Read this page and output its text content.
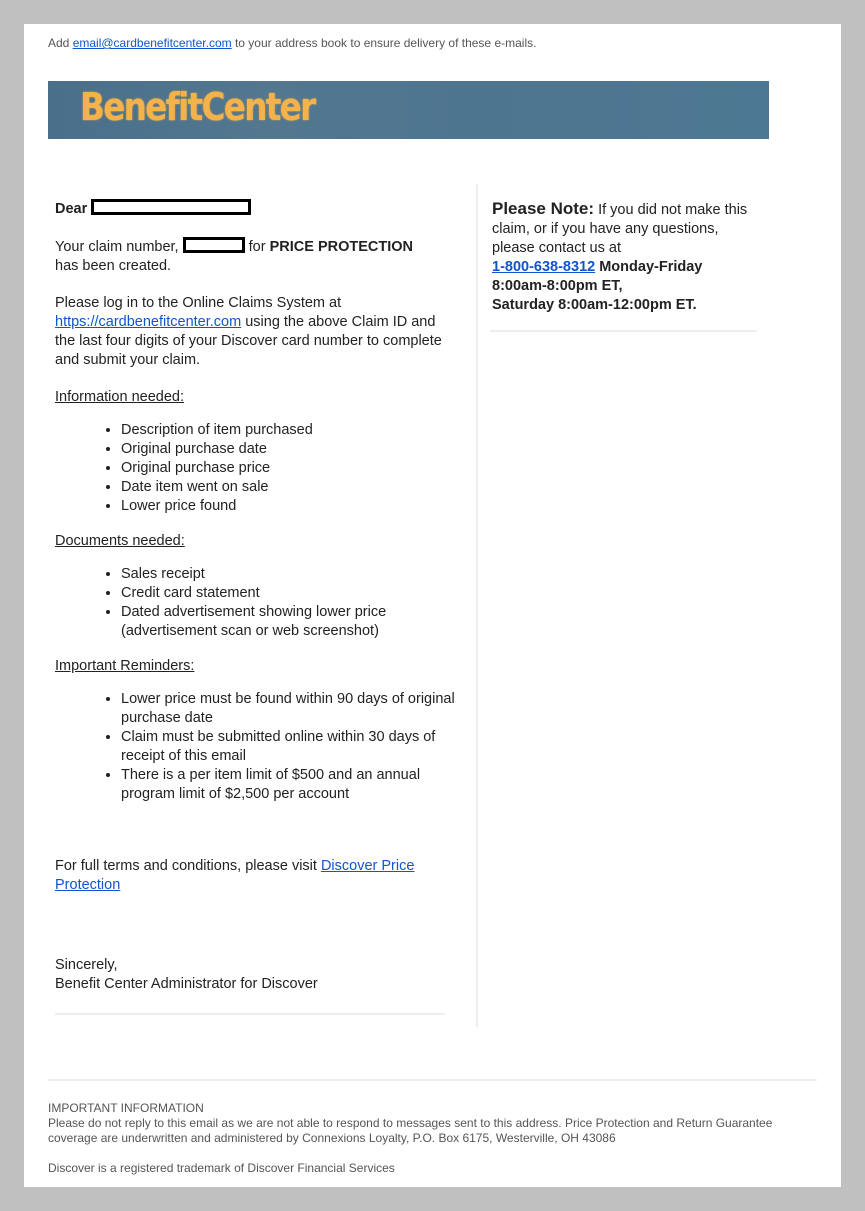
Add email@cardbenefitcenter.com to your address book to ensure delivery of these e-mails.
BenefitCenter

Dear

Your claim number,	for PRICE PROTECTION
has been created.

Please log in to the Online Claims System at
https://cardbenefitcenter.com using the above Claim ID and the last four digits of your Discover card number to complete and submit your claim.

Information needed:

• Description of item purchased
• Original purchase date
• Original purchase price
• Date item went on sale
• Lower price found

Documents needed:

• Sales receipt
• Credit card statement
• Dated advertisement showing lower price (advertisement scan or web screenshot)

Important Reminders:

• Lower price must be found within 90 days of original purchase date
• Claim must be submitted online within 30 days of receipt of this email
• There is a per item limit of $500 and an annual program limit of $2,500 per account

For full terms and conditions, please visit Discover Price Protection

Sincerely,
Benefit Center Administrator for Discover

Please Note: If you did not make this claim, or if you have any questions, please contact us at
1-800-638-8312 Monday-Friday 8:00am-8:00pm ET,
Saturday 8:00am-12:00pm ET.

IMPORTANT INFORMATION
Please do not reply to this email as we are not able to respond to messages sent to this address. Price Protection and Return Guarantee coverage are underwritten and administered by Connexions Loyalty, P.O. Box 6175, Westerville, OH 43086
Discover is a registered trademark of Discover Financial Services
